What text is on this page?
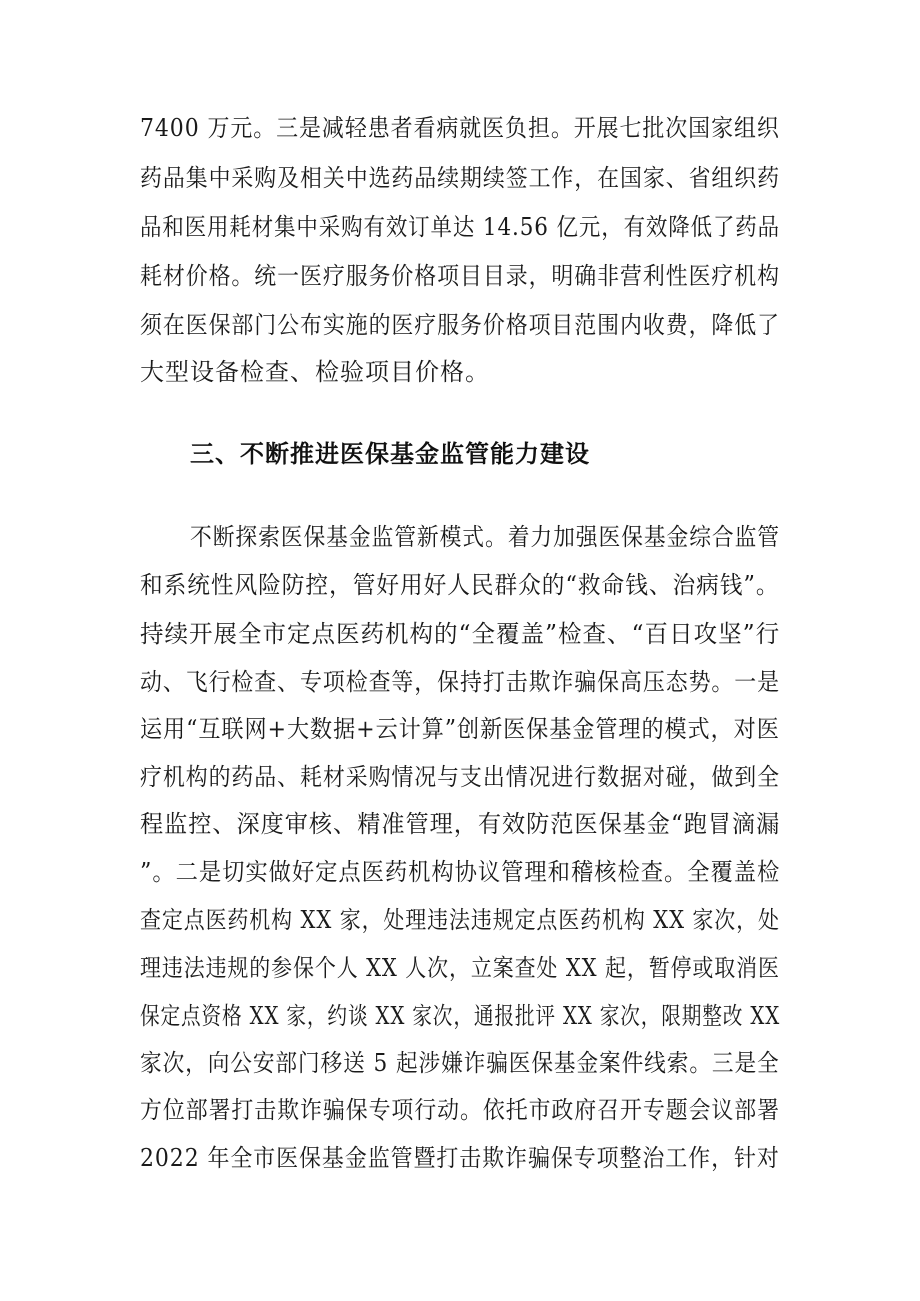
7400 万元。三是减轻患者看病就医负担。开展七批次国家组织
药品集中采购及相关中选药品续期续签工作，在国家、省组织药
品和医用耗材集中采购有效订单达 14.56 亿元，有效降低了药品
耗材价格。统一医疗服务价格项目目录，明确非营利性医疗机构
须在医保部门公布实施的医疗服务价格项目范围内收费，降低了
大型设备检查、检验项目价格。
三、不断推进医保基金监管能力建设
不断探索医保基金监管新模式。着力加强医保基金综合监管
和系统性风险防控，管好用好人民群众的“救命钱、治病钱”。
持续开展全市定点医药机构的“全覆盖”检查、“百日攻坚”行
动、飞行检查、专项检查等，保持打击欺诈骗保高压态势。一是
运用“互联网+大数据+云计算”创新医保基金管理的模式，对医
疗机构的药品、耗材采购情况与支出情况进行数据对碰，做到全
程监控、深度审核、精准管理，有效防范医保基金“跑冒滴漏
”。二是切实做好定点医药机构协议管理和稽核检查。全覆盖检
查定点医药机构 XX 家，处理违法违规定点医药机构 XX 家次，处
理违法违规的参保个人 XX 人次，立案查处 XX 起，暂停或取消医
保定点资格 XX 家，约谈 XX 家次，通报批评 XX 家次，限期整改 XX
家次，向公安部门移送 5 起涉嫌诈骗医保基金案件线索。三是全
方位部署打击欺诈骗保专项行动。依托市政府召开专题会议部署
2022 年全市医保基金监管暨打击欺诈骗保专项整治工作，针对
